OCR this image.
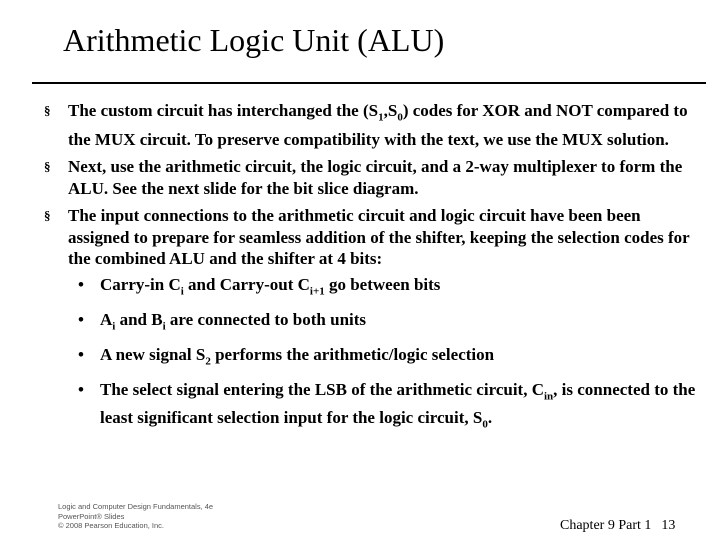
Arithmetic Logic Unit (ALU)
§ The custom circuit has interchanged the $(S_1,S_0)$ codes for XOR and NOT compared to the MUX circuit. To preserve compatibility with the text, we use the MUX solution.
§ Next, use the arithmetic circuit, the logic circuit, and a 2-way multiplexer to form the ALU. See the next slide for the bit slice diagram.
§ The input connections to the arithmetic circuit and logic circuit have been been assigned to prepare for seamless addition of the shifter, keeping the selection codes for the combined ALU and the shifter at 4 bits:
• Carry-in $C_i$ and Carry-out $C_{i+1}$ go between bits
• $A_i$ and $B_i$ are connected to both units
• A new signal $S_2$ performs the arithmetic/logic selection
• The select signal entering the LSB of the arithmetic circuit, $C_{in}$, is connected to the least significant selection input for the logic circuit, $S_0$.
Logic and Computer Design Fundamentals, 4e
PowerPoint® Slides
© 2008 Pearson Education, Inc.	Chapter 9 Part 1 13
